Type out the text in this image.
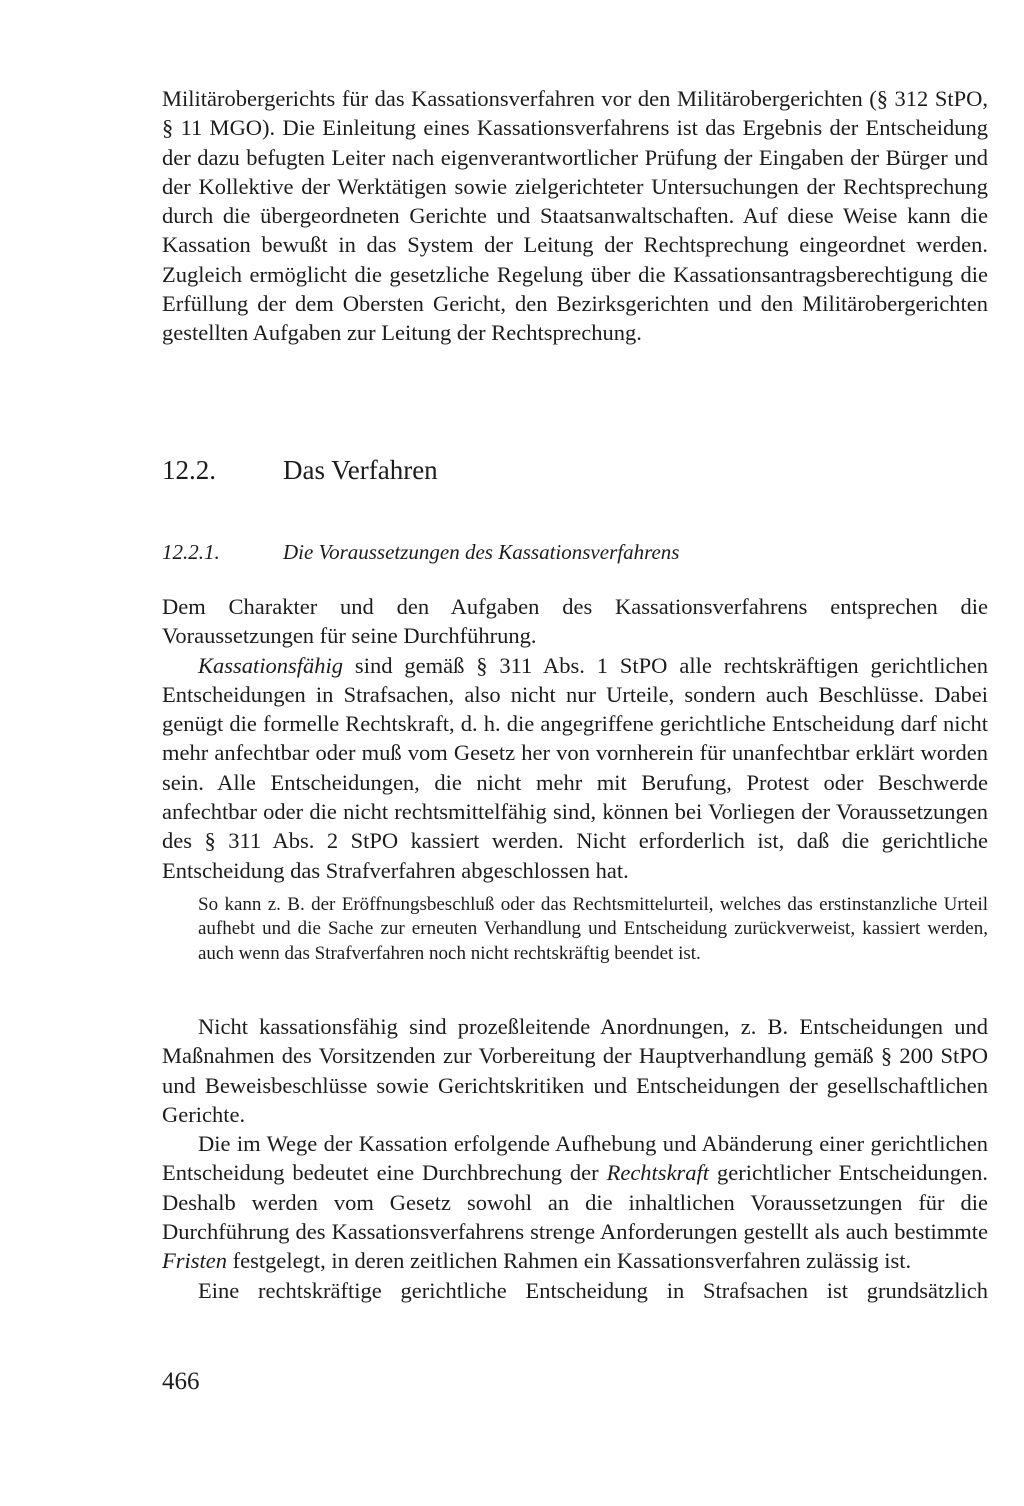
Militärobergerichts für das Kassationsverfahren vor den Militärobergerichten (§ 312 StPO, § 11 MGO). Die Einleitung eines Kassationsverfahrens ist das Ergebnis der Entscheidung der dazu befugten Leiter nach eigenverantwortlicher Prüfung der Eingaben der Bürger und der Kollektive der Werktätigen sowie zielgerichteter Untersuchungen der Rechtsprechung durch die übergeordneten Gerichte und Staatsanwaltschaften. Auf diese Weise kann die Kassation bewußt in das System der Leitung der Rechtsprechung eingeordnet werden. Zugleich ermöglicht die gesetzliche Regelung über die Kassationsantragsberechtigung die Erfüllung der dem Obersten Gericht, den Bezirksgerichten und den Militärobergerichten gestellten Aufgaben zur Leitung der Rechtsprechung.

12.2. Das Verfahren
12.2.1.	Die Voraussetzungen des Kassationsverfahrens

Dem Charakter und den Aufgaben des Kassationsverfahrens entsprechen die Voraussetzungen für seine Durchführung.

Kassationsfähig sind gemäß § 311 Abs. 1 StPO alle rechtskräftigen gerichtlichen Entscheidungen in Strafsachen, also nicht nur Urteile, sondern auch Beschlüsse. Dabei genügt die formelle Rechtskraft, d. h. die angegriffene gerichtliche Entscheidung darf nicht mehr anfechtbar oder muß vom Gesetz her von vornherein für unanfechtbar erklärt worden sein. Alle Entscheidungen, die nicht mehr mit Berufung, Protest oder Beschwerde anfechtbar oder die nicht rechtsmittelfähig sind, können bei Vorliegen der Voraussetzungen des § 311 Abs. 2 StPO kassiert werden. Nicht erforderlich ist, daß die gerichtliche Entscheidung das Strafverfahren abgeschlossen hat.

So kann z. B. der Eröffnungsbeschluß oder das Rechtsmittelurteil, welches das erstinstanzliche Urteil aufhebt und die Sache zur erneuten Verhandlung und Entscheidung zurückverweist, kassiert werden, auch wenn das Strafverfahren noch nicht rechtskräftig beendet ist.

Nicht kassationsfähig sind prozeßleitende Anordnungen, z. B. Entscheidungen und Maßnahmen des Vorsitzenden zur Vorbereitung der Hauptverhandlung gemäß § 200 StPO und Beweisbeschlüsse sowie Gerichtskritiken und Entscheidungen der gesellschaftlichen Gerichte.

Die im Wege der Kassation erfolgende Aufhebung und Abänderung einer gerichtlichen Entscheidung bedeutet eine Durchbrechung der Rechtskraft gerichtlicher Entscheidungen. Deshalb werden vom Gesetz sowohl an die inhaltlichen Voraussetzungen für die Durchführung des Kassationsverfahrens strenge Anforderungen gestellt als auch bestimmte Fristen festgelegt, in deren zeitlichen Rahmen ein Kassationsverfahren zulässig ist.

Eine rechtskräftige gerichtliche Entscheidung in Strafsachen ist grundsätzlich

466
